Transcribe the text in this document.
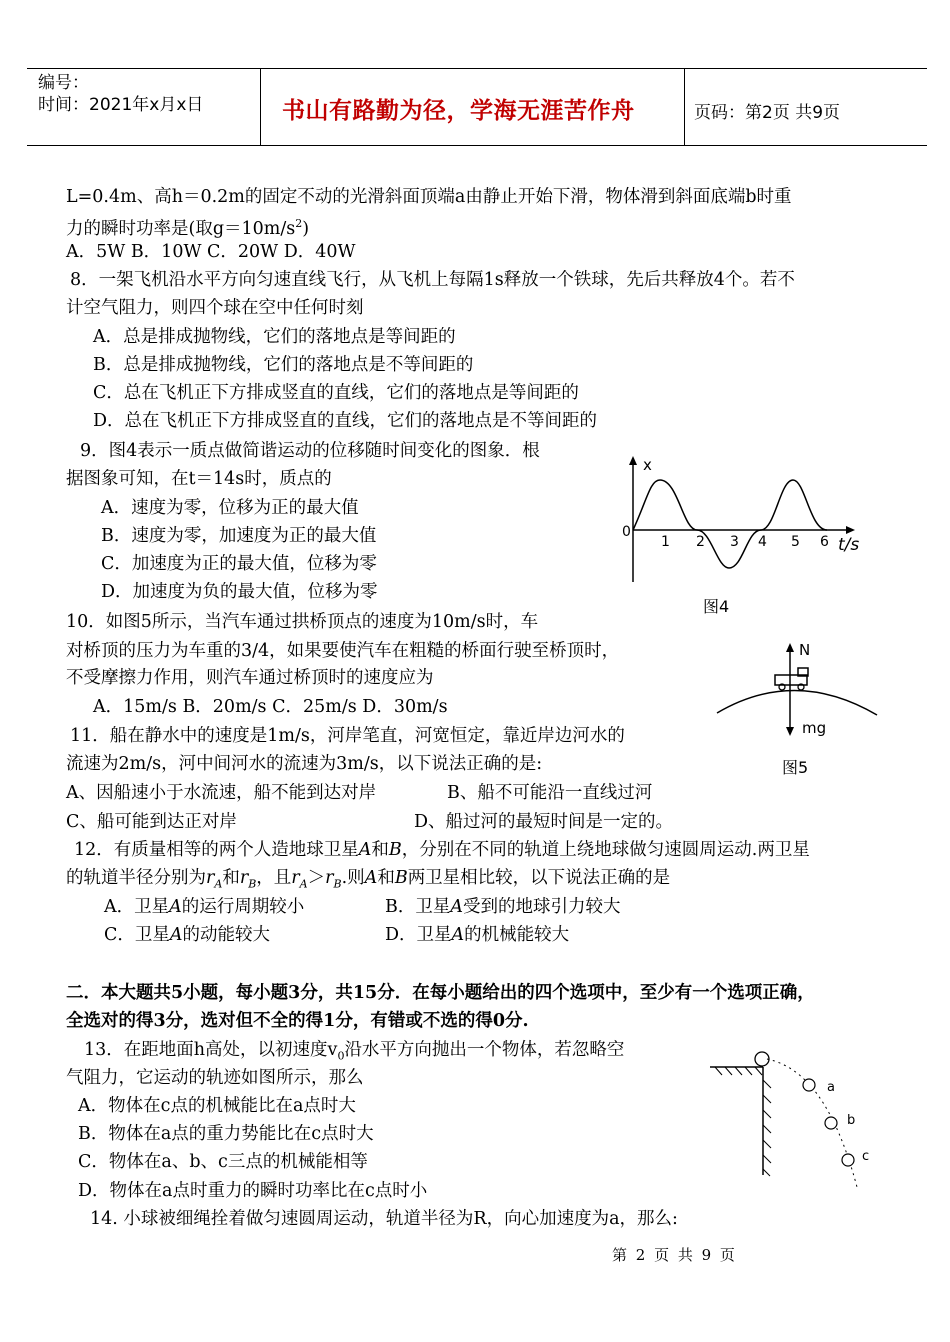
编号：
时间：2021年x月x日	书山有路勤为径，学海无涯苦作舟	页码：第2页 共9页
L=0.4m、高h＝0.2m的固定不动的光滑斜面顶端a由静止开始下滑，物体滑到斜面底端b时重
力的瞬时功率是(取$g=10m/s^2$)
A．5W B．10W C．20W D．40W
8．一架飞机沿水平方向匀速直线飞行，从飞机上每隔1s释放一个铁球，先后共释放4个。若不
计空气阻力，则四个球在空中任何时刻
A．总是排成抛物线，它们的落地点是等间距的
B．总是排成抛物线，它们的落地点是不等间距的
C．总在飞机正下方排成竖直的直线，它们的落地点是等间距的
D．总在飞机正下方排成竖直的直线，它们的落地点是不等间距的
9．图4表示一质点做简谐运动的位移随时间变化的图象．根
据图象可知，在t＝14s时，质点的
A．速度为零，位移为正的最大值
B．速度为零，加速度为正的最大值
C．加速度为正的最大值，位移为零
D．加速度为负的最大值，位移为零
x
0
1 2 3 4 5 6 t/s
图4
10．如图5所示，当汽车通过拱桥顶点的速度为10m/s时，车
对桥顶的压力为车重的3/4，如果要使汽车在粗糙的桥面行驶至桥顶时，
不受摩擦力作用，则汽车通过桥顶时的速度应为
A．15m/s B．20m/s C．25m/s D．30m/s
N
mg
图5
11．船在静水中的速度是1m/s，河岸笔直，河宽恒定，靠近岸边河水的
流速为2m/s，河中间河水的流速为3m/s，以下说法正确的是:
A、因船速小于水流速，船不能到达对岸	B、船不可能沿一直线过河
C、船可能到达正对岸	D、船过河的最短时间是一定的。
12．有质量相等的两个人造地球卫星A和B，分别在不同的轨道上绕地球做匀速圆周运动.两卫星
的轨道半径分别为$r_A$和$r_B$，且$r_A>r_B$.则A和B两卫星相比较，以下说法正确的是
A．卫星A的运行周期较小	B．卫星A受到的地球引力较大
C．卫星A的动能较大	D．卫星A的机械能较大
二．本大题共5小题，每小题3分，共15分．在每小题给出的四个选项中，至少有一个选项正确，
全选对的得3分，选对但不全的得1分，有错或不选的得0分.
13．在距地面h高处，以初速度$v_0$沿水平方向抛出一个物体，若忽略空
气阻力，它运动的轨迹如图所示，那么
A．物体在c点的机械能比在a点时大
B．物体在a点的重力势能比在c点时大
C．物体在a、b、c三点的机械能相等
D．物体在a点时重力的瞬时功率比在c点时小
a
b
c
14. 小球被细绳拴着做匀速圆周运动，轨道半径为R，向心加速度为a，那么:
第 2 页 共 9 页
